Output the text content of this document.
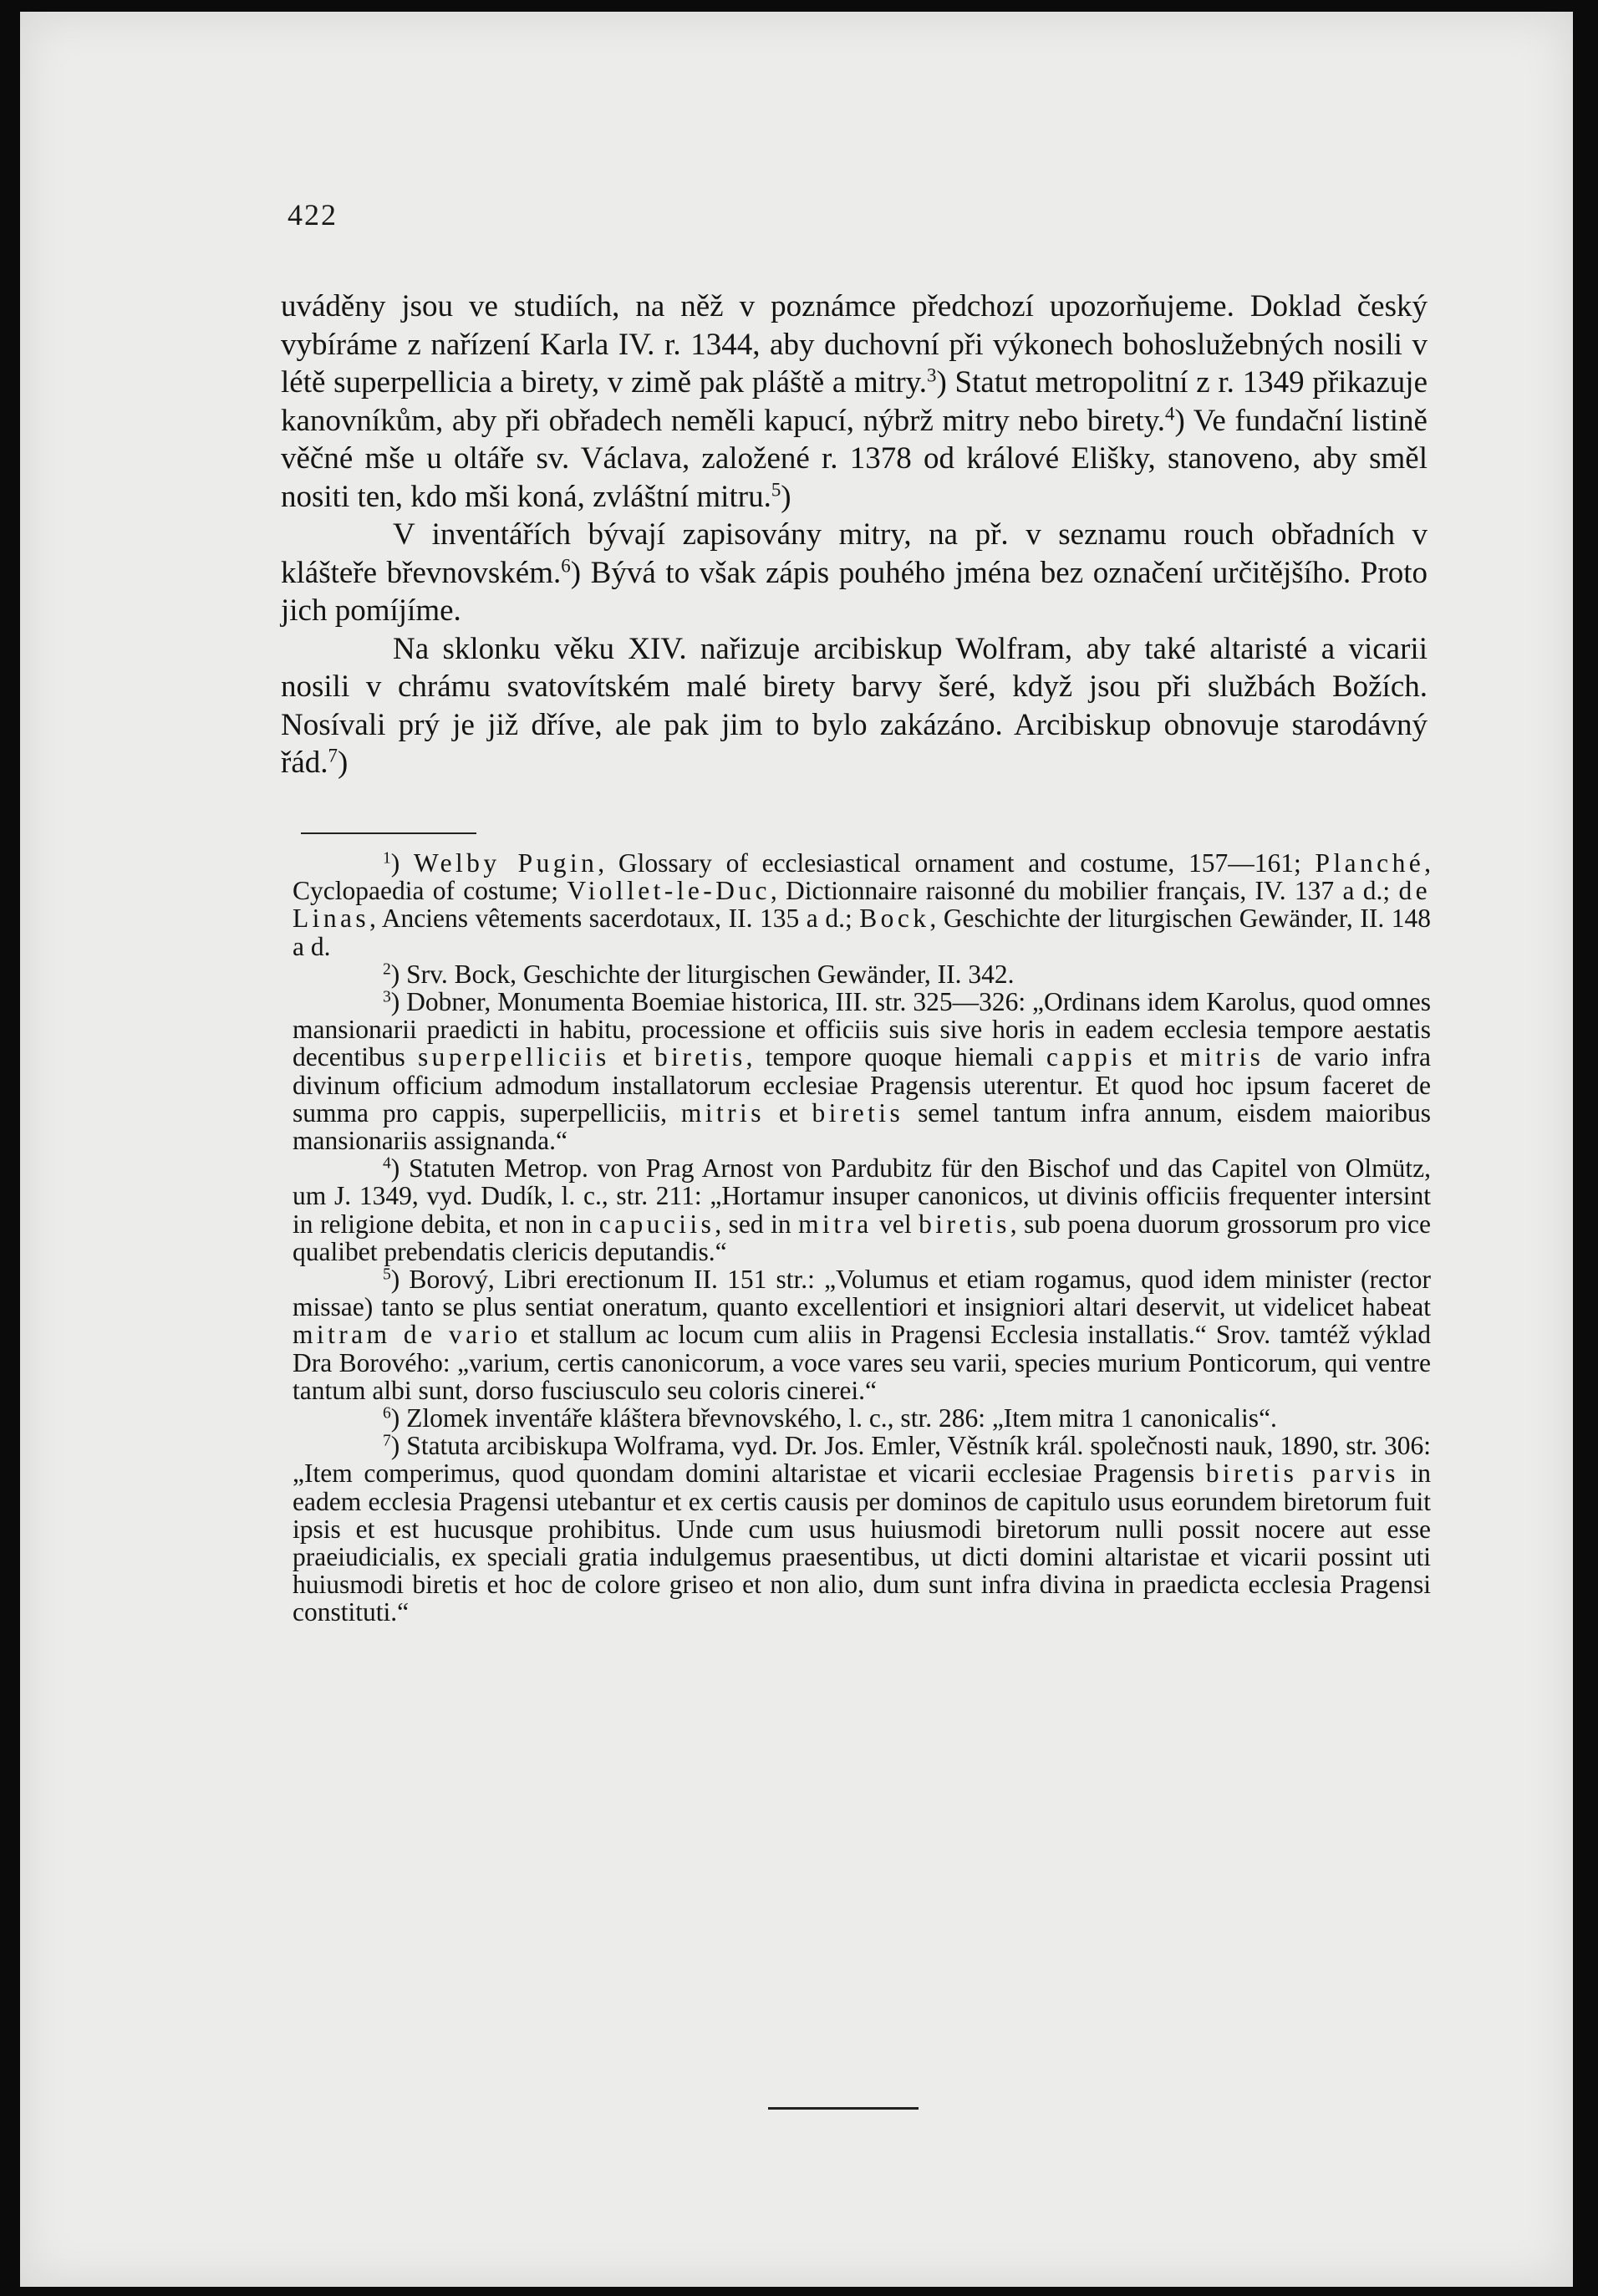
422

uváděny jsou ve studiích, na něž v poznámce předchozí upozorňujeme. Doklad český vybíráme z nařízení Karla IV. r. 1344, aby duchovní při výkonech bohoslužebných nosili v létě superpellicia a birety, v zimě pak pláště a mitry.$^3$) Statut metropolitní z r. 1349 přikazuje kanovníkům, aby při obřadech neměli kapucí, nýbrž mitry nebo birety.$^4$) Ve fundační listině věčné mše u oltáře sv. Václava, založené r. 1378 od králové Elišky, stanoveno, aby směl nositi ten, kdo mši koná, zvláštní mitru.$^5$)

V inventářích bývají zapisovány mitry, na př. v seznamu rouch obřadních v klášteře břevnovském.$^6$) Bývá to však zápis pouhého jména bez označení určitějšího. Proto jich pomíjíme.

Na sklonku věku XIV. nařizuje arcibiskup Wolfram, aby také altaristé a vicarii nosili v chrámu svatovítském malé birety barvy šeré, když jsou při službách Božích. Nosívali prý je již dříve, ale pak jim to bylo zakázáno. Arcibiskup obnovuje starodávný řád.$^7$)

$^1$) Welby Pugin, Glossary of ecclesiastical ornament and costume, 157—161; Planché, Cyclopaedia of costume; Viollet-le-Duc, Dictionnaire raisonné du mobilier français, IV. 137 a d.; de Linas, Anciens vêtements sacerdotaux, II. 135 a d.; Bock, Geschichte der liturgischen Gewänder, II. 148 a d.

$^2$) Srv. Bock, Geschichte der liturgischen Gewänder, II. 342.

$^3$) Dobner, Monumenta Boemiae historica, III. str. 325—326: „Ordinans idem Karolus, quod omnes mansionarii praedicti in habitu, processione et officiis suis sive horis in eadem ecclesia tempore aestatis decentibus superpelliciis et biretis, tempore quoque hiemali cappis et mitris de vario infra divinum officium admodum installatorum ecclesiae Pragensis uterentur. Et quod hoc ipsum faceret de summa pro cappis, superpelliciis, mitris et biretis semel tantum infra annum, eisdem maioribus mansionariis assignanda.“

$^4$) Statuten Metrop. von Prag Arnost von Pardubitz für den Bischof und das Capitel von Olmütz, um J. 1349, vyd. Dudík, l. c., str. 211: „Hortamur insuper canonicos, ut divinis officiis frequenter intersint in religione debita, et non in capuciis, sed in mitra vel biretis, sub poena duorum grossorum pro vice qualibet prebendatis clericis deputandis.“

$^5$) Borový, Libri erectionum II. 151 str.: „Volumus et etiam rogamus, quod idem minister (rector missae) tanto se plus sentiat oneratum, quanto excellentiori et insigniori altari deservit, ut videlicet habeat mitram de vario et stallum ac locum cum aliis in Pragensi Ecclesia installatis.“ Srov. tamtéž výklad Dra Borového: „varium, certis canonicorum, a voce vares seu varii, species murium Ponticorum, qui ventre tantum albi sunt, dorso fusciusculo seu coloris cinerei.“

$^6$) Zlomek inventáře kláštera břevnovského, l. c., str. 286: „Item mitra 1 canonicalis“.

$^7$) Statuta arcibiskupa Wolframa, vyd. Dr. Jos. Emler, Věstník král. společnosti nauk, 1890, str. 306: „Item comperimus, quod quondam domini altaristae et vicarii ecclesiae Pragensis biretis parvis in eadem ecclesia Pragensi utebantur et ex certis causis per dominos de capitulo usus eorundem biretorum fuit ipsis et est hucusque prohibitus. Unde cum usus huiusmodi biretorum nulli possit nocere aut esse praeiudicialis, ex speciali gratia indulgemus praesentibus, ut dicti domini altaristae et vicarii possint uti huiusmodi biretis et hoc de colore griseo et non alio, dum sunt infra divina in praedicta ecclesia Pragensi constituti.“
